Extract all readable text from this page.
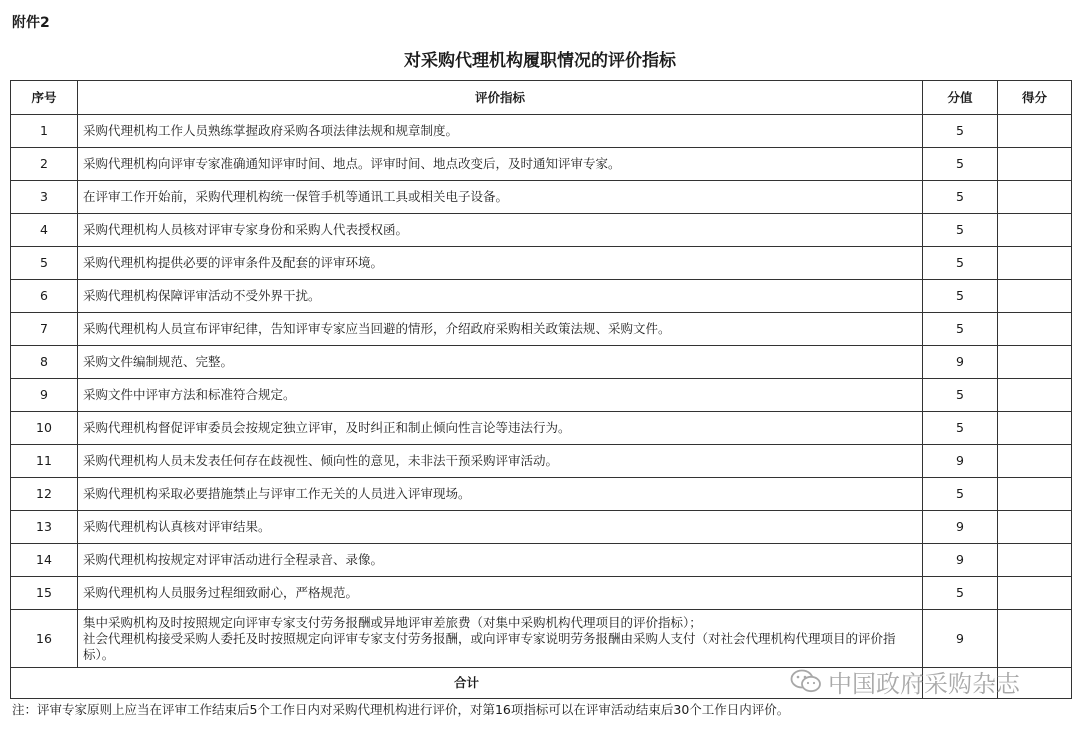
附件2
对采购代理机构履职情况的评价指标
序号	评价指标	分值	得分
1	采购代理机构工作人员熟练掌握政府采购各项法律法规和规章制度。	5	
2	采购代理机构向评审专家准确通知评审时间、地点。评审时间、地点改变后，及时通知评审专家。	5	
3	在评审工作开始前，采购代理机构统一保管手机等通讯工具或相关电子设备。	5	
4	采购代理机构人员核对评审专家身份和采购人代表授权函。	5	
5	采购代理机构提供必要的评审条件及配套的评审环境。	5	
6	采购代理机构保障评审活动不受外界干扰。	5	
7	采购代理机构人员宣布评审纪律，告知评审专家应当回避的情形，介绍政府采购相关政策法规、采购文件。	5	
8	采购文件编制规范、完整。	9	
9	采购文件中评审方法和标准符合规定。	5	
10	采购代理机构督促评审委员会按规定独立评审，及时纠正和制止倾向性言论等违法行为。	5	
11	采购代理机构人员未发表任何存在歧视性、倾向性的意见，未非法干预采购评审活动。	9	
12	采购代理机构采取必要措施禁止与评审工作无关的人员进入评审现场。	5	
13	采购代理机构认真核对评审结果。	9	
14	采购代理机构按规定对评审活动进行全程录音、录像。	9	
15	采购代理机构人员服务过程细致耐心，严格规范。	5	
16	集中采购机构及时按照规定向评审专家支付劳务报酬或异地评审差旅费（对集中采购机构代理项目的评价指标）；
社会代理机构接受采购人委托及时按照规定向评审专家支付劳务报酬，或向评审专家说明劳务报酬由采购人支付（对社会代理机构代理项目的评价指标）。	9	
合计			
注：评审专家原则上应当在评审工作结束后5个工作日内对采购代理机构进行评价，对第16项指标可以在评审活动结束后30个工作日内评价。
中国政府采购杂志
